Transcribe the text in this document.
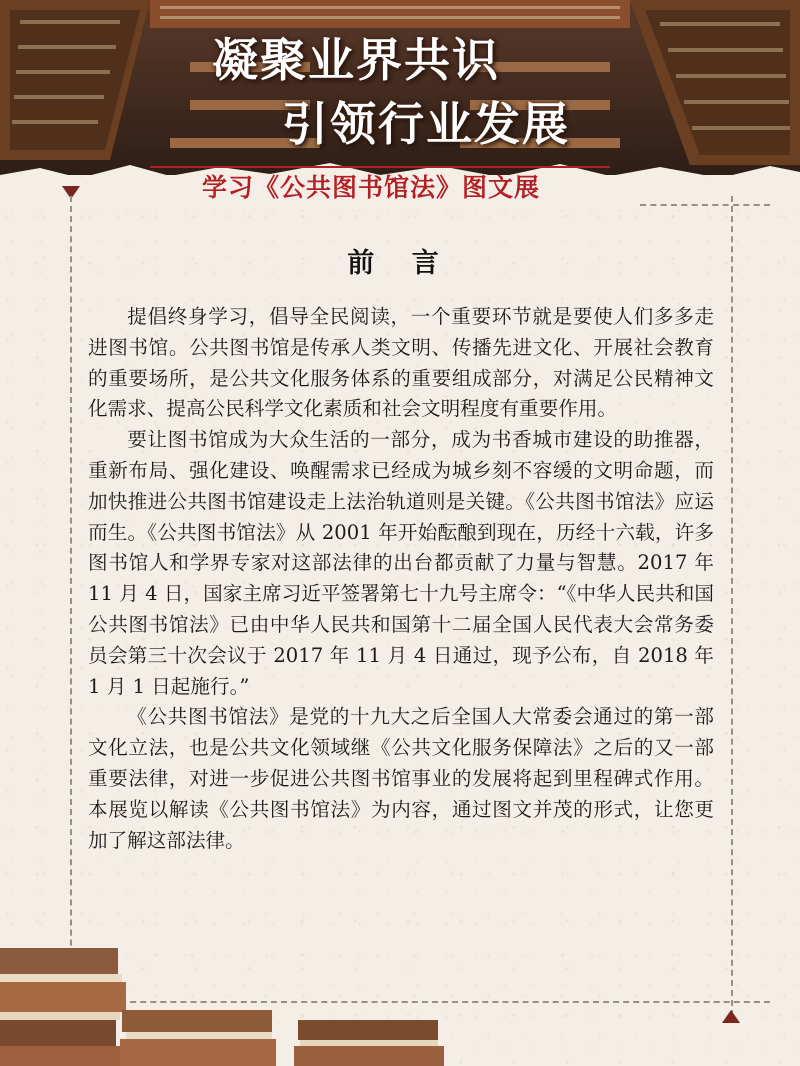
凝聚业界共识
引领行业发展
学习《公共图书馆法》图文展
前 言

提倡终身学习，倡导全民阅读，一个重要环节就是要使人们多多走进图书馆。公共图书馆是传承人类文明、传播先进文化、开展社会教育的重要场所，是公共文化服务体系的重要组成部分，对满足公民精神文化需求、提高公民科学文化素质和社会文明程度有重要作用。

要让图书馆成为大众生活的一部分，成为书香城市建设的助推器，重新布局、强化建设、唤醒需求已经成为城乡刻不容缓的文明命题，而加快推进公共图书馆建设走上法治轨道则是关键。《公共图书馆法》应运而生。《公共图书馆法》从 2001 年开始酝酿到现在，历经十六载，许多图书馆人和学界专家对这部法律的出台都贡献了力量与智慧。2017 年 11 月 4 日，国家主席习近平签署第七十九号主席令：“《中华人民共和国公共图书馆法》已由中华人民共和国第十二届全国人民代表大会常务委员会第三十次会议于 2017 年 11 月 4 日通过，现予公布，自 2018 年 1 月 1 日起施行。”

《公共图书馆法》是党的十九大之后全国人大常委会通过的第一部文化立法，也是公共文化领域继《公共文化服务保障法》之后的又一部重要法律，对进一步促进公共图书馆事业的发展将起到里程碑式作用。本展览以解读《公共图书馆法》为内容，通过图文并茂的形式，让您更加了解这部法律。
